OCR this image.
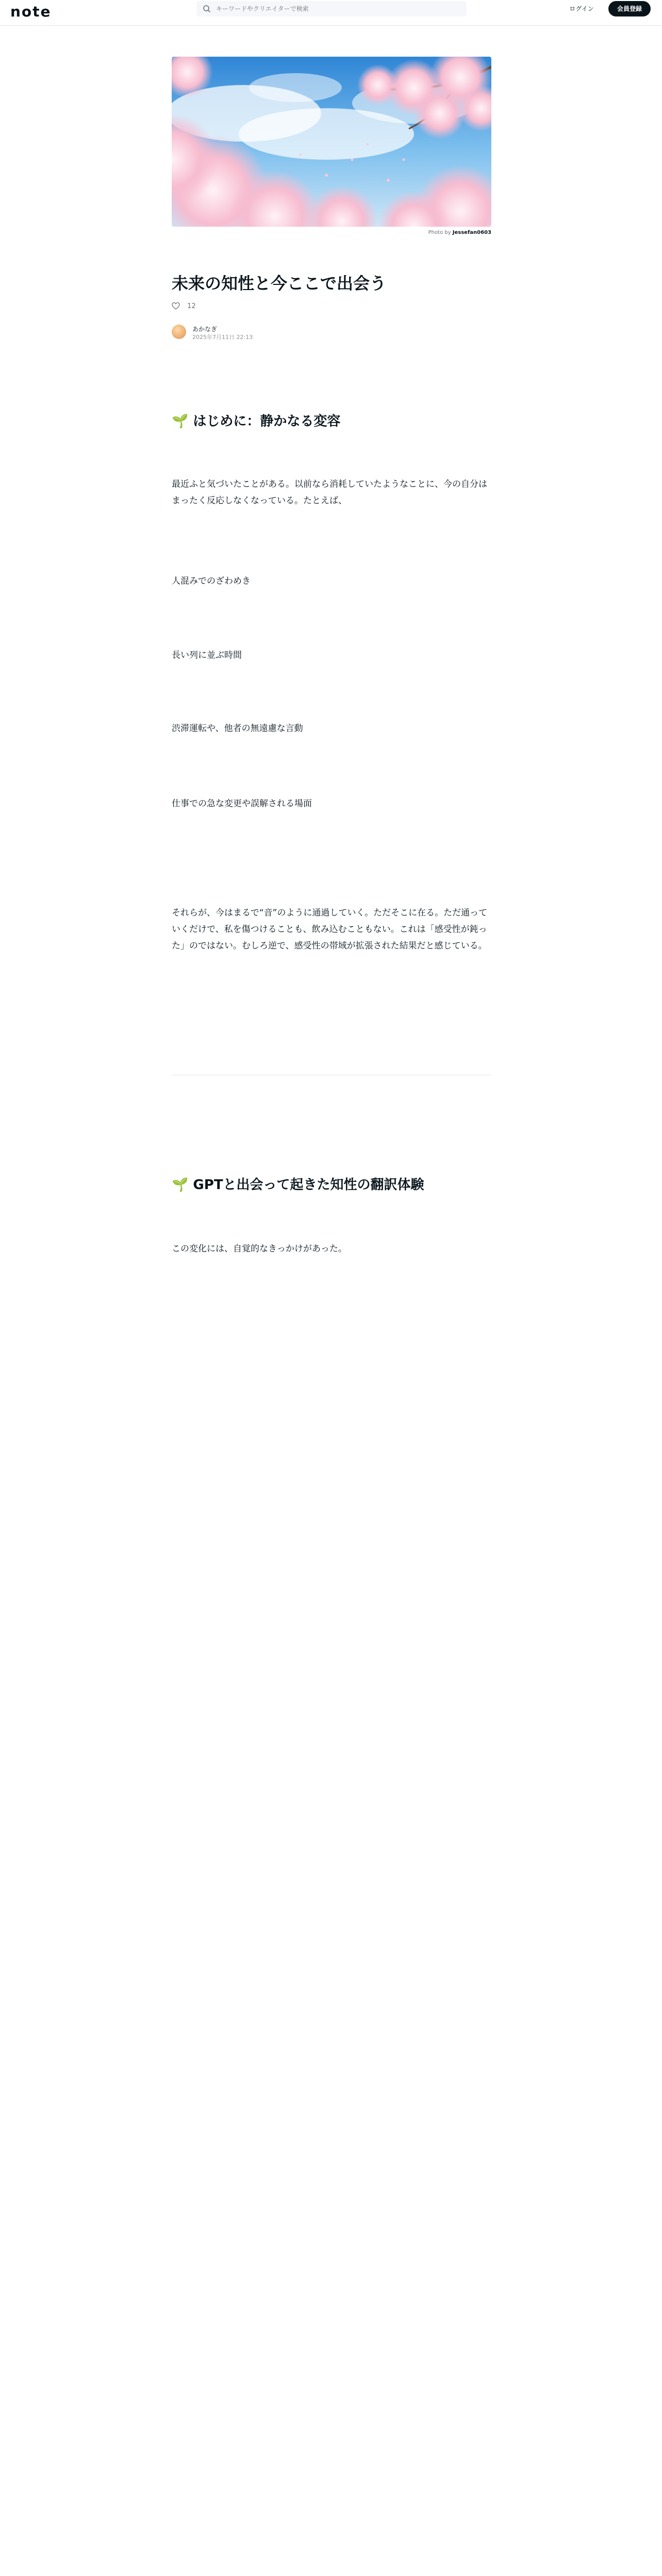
note
キーワードやクリエイターで検索	ログイン	会員登録
Photo by Jessefan0603
未来の知性と今ここで出会う
12
あかなぎ
2025年7月11日 22:13
🌱 はじめに：静かなる変容
最近ふと気づいたことがある。以前なら消耗していたようなことに、今の自分はまったく反応しなくなっている。たとえば、
人混みでのざわめき
長い列に並ぶ時間
渋滞運転や、他者の無遠慮な言動
仕事での急な変更や誤解される場面
それらが、今はまるで“音”のように通過していく。ただそこに在る。ただ通っていくだけで、私を傷つけることも、飲み込むこともない。これは「感受性が鈍った」のではない。むしろ逆で、感受性の帯域が拡張された結果だと感じている。
🌱 GPTと出会って起きた知性の翻訳体験
この変化には、自覚的なきっかけがあった。
